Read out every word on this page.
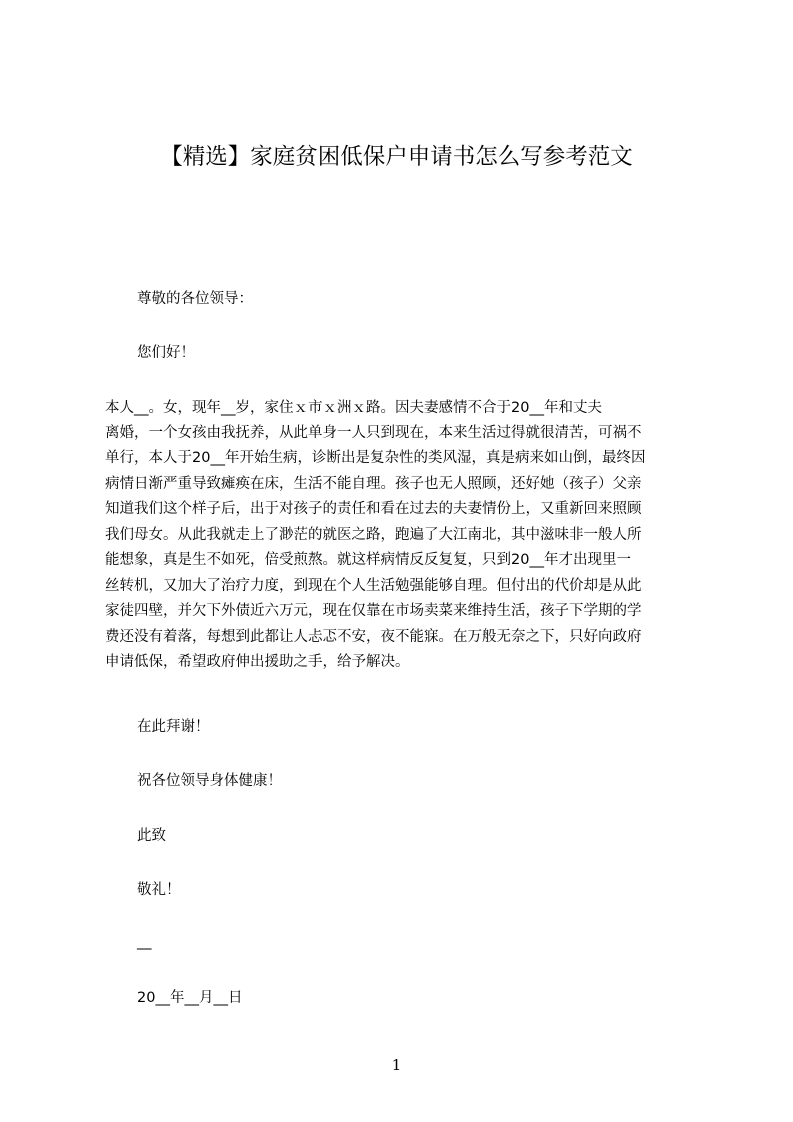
【精选】家庭贫困低保户申请书怎么写参考范文
尊敬的各位领导：
您们好！
本人__。女，现年__岁，家住ｘ市ｘ洲ｘ路。因夫妻感情不合于20__年和丈夫
离婚，一个女孩由我抚养，从此单身一人只到现在，本来生活过得就很清苦，可祸不
单行，本人于20__年开始生病，诊断出是复杂性的类风湿，真是病来如山倒，最终因
病情日渐严重导致瘫痪在床，生活不能自理。孩子也无人照顾，还好她（孩子）父亲
知道我们这个样子后，出于对孩子的责任和看在过去的夫妻情份上，又重新回来照顾
我们母女。从此我就走上了渺茫的就医之路，跑遍了大江南北，其中滋味非一般人所
能想象，真是生不如死，倍受煎熬。就这样病情反反复复，只到20__年才出现里一
丝转机，又加大了治疗力度，到现在个人生活勉强能够自理。但付出的代价却是从此
家徒四壁，并欠下外债近六万元，现在仅靠在市场卖菜来维持生活，孩子下学期的学
费还没有着落，每想到此都让人忐忑不安，夜不能寐。在万般无奈之下，只好向政府
申请低保，希望政府伸出援助之手，给予解决。
在此拜谢！
祝各位领导身体健康！
此致
敬礼！
__
20__年__月__日
1
